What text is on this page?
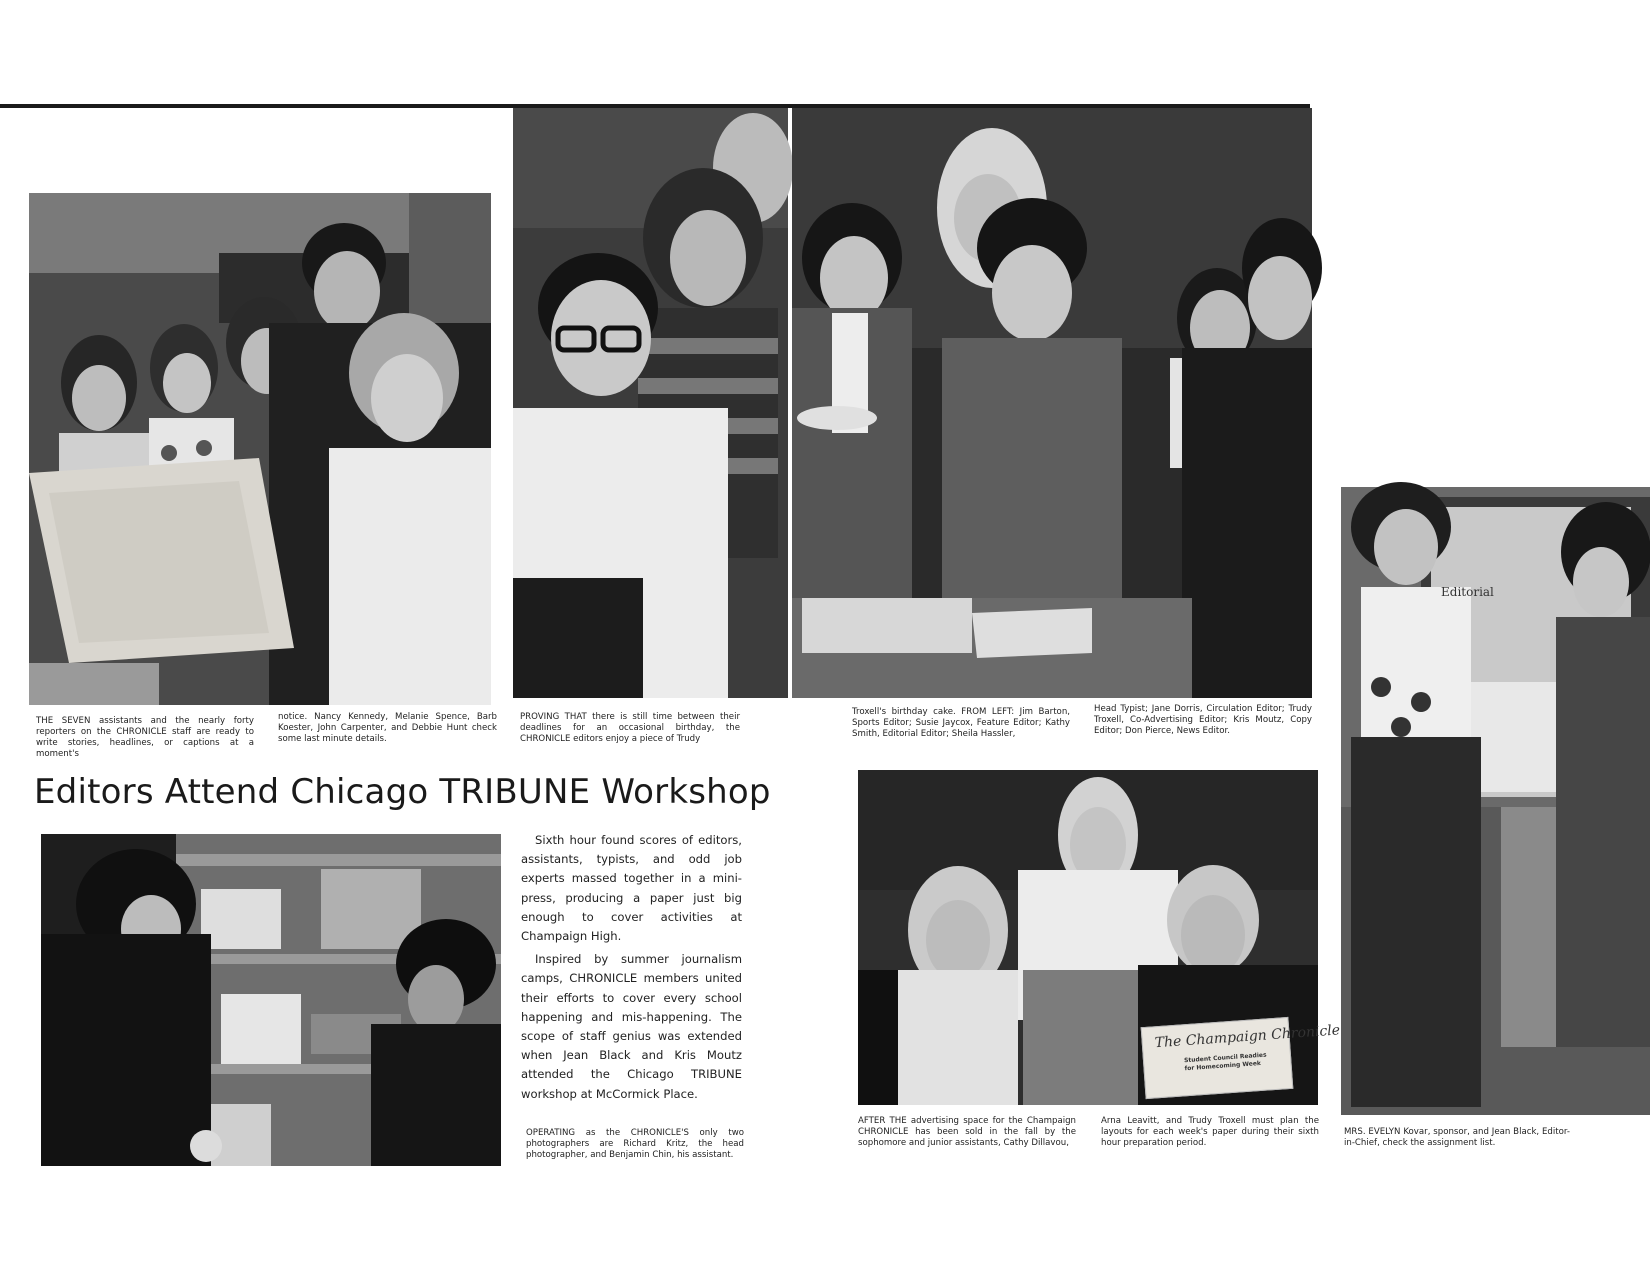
THE SEVEN assistants and the nearly forty reporters on the CHRONICLE staff are ready to write stories, headlines, or captions at a moment's
notice. Nancy Kennedy, Melanie Spence, Barb Koester, John Carpenter, and Debbie Hunt check some last minute details.
PROVING THAT there is still time between their deadlines for an occasional birthday, the CHRONICLE editors enjoy a piece of Trudy
Troxell's birthday cake. FROM LEFT: Jim Barton, Sports Editor; Susie Jaycox, Feature Editor; Kathy Smith, Editorial Editor; Sheila Hassler,
Head Typist; Jane Dorris, Circulation Editor; Trudy Troxell, Co-Advertising Editor; Kris Moutz, Copy Editor; Don Pierce, News Editor.
Editors Attend Chicago TRIBUNE Workshop

Sixth hour found scores of editors, assistants, typists, and odd job experts massed together in a mini-press, producing a paper just big enough to cover activities at Champaign High.

Inspired by summer journalism camps, CHRONICLE members united their efforts to cover every school happening and mis-happening. The scope of staff genius was extended when Jean Black and Kris Moutz attended the Chicago TRIBUNE workshop at McCormick Place.

OPERATING as the CHRONICLE'S only two photographers are Richard Kritz, the head photographer, and Benjamin Chin, his assistant.
The Champaign Chronicle
Student Council Readies for Homecoming Week
AFTER THE advertising space for the Champaign CHRONICLE has been sold in the fall by the sophomore and junior assistants, Cathy Dillavou,
Arna Leavitt, and Trudy Troxell must plan the layouts for each week's paper during their sixth hour preparation period.
Editorial
MRS. EVELYN Kovar, sponsor, and Jean Black, Editor-in-Chief, check the assignment list.
